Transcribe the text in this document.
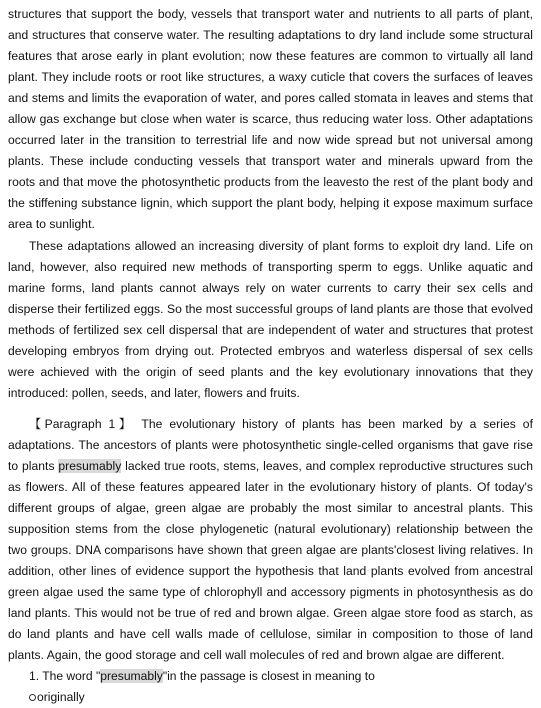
structures that support the body, vessels that transport water and nutrients to all parts of plant, and structures that conserve water. The resulting adaptations to dry land include some structural features that arose early in plant evolution; now these features are common to virtually all land plant. They include roots or root like structures, a waxy cuticle that covers the surfaces of leaves and stems and limits the evaporation of water, and pores called stomata in leaves and stems that allow gas exchange but close when water is scarce, thus reducing water loss. Other adaptations occurred later in the transition to terrestrial life and now wide spread but not universal among plants. These include conducting vessels that transport water and minerals upward from the roots and that move the photosynthetic products from the leavesto the rest of the plant body and the stiffening substance lignin, which support the plant body, helping it expose maximum surface area to sunlight.

These adaptations allowed an increasing diversity of plant forms to exploit dry land. Life on land, however, also required new methods of transporting sperm to eggs. Unlike aquatic and marine forms, land plants cannot always rely on water currents to carry their sex cells and disperse their fertilized eggs. So the most successful groups of land plants are those that evolved methods of fertilized sex cell dispersal that are independent of water and structures that protest developing embryos from drying out. Protected embryos and waterless dispersal of sex cells were achieved with the origin of seed plants and the key evolutionary innovations that they introduced: pollen, seeds, and later, flowers and fruits.

【Paragraph 1】 The evolutionary history of plants has been marked by a series of adaptations. The ancestors of plants were photosynthetic single-celled organisms that gave rise to plants presumably lacked true roots, stems, leaves, and complex reproductive structures such as flowers. All of these features appeared later in the evolutionary history of plants. Of today's different groups of algae, green algae are probably the most similar to ancestral plants. This supposition stems from the close phylogenetic (natural evolutionary) relationship between the two groups. DNA comparisons have shown that green algae are plants'closest living relatives. In addition, other lines of evidence support the hypothesis that land plants evolved from ancestral green algae used the same type of chlorophyll and accessory pigments in photosynthesis as do land plants. This would not be true of red and brown algae. Green algae store food as starch, as do land plants and have cell walls made of cellulose, similar in composition to those of land plants. Again, the good storage and cell wall molecules of red and brown algae are different.

1. The word "presumably"in the passage is closest in meaning to

originally
